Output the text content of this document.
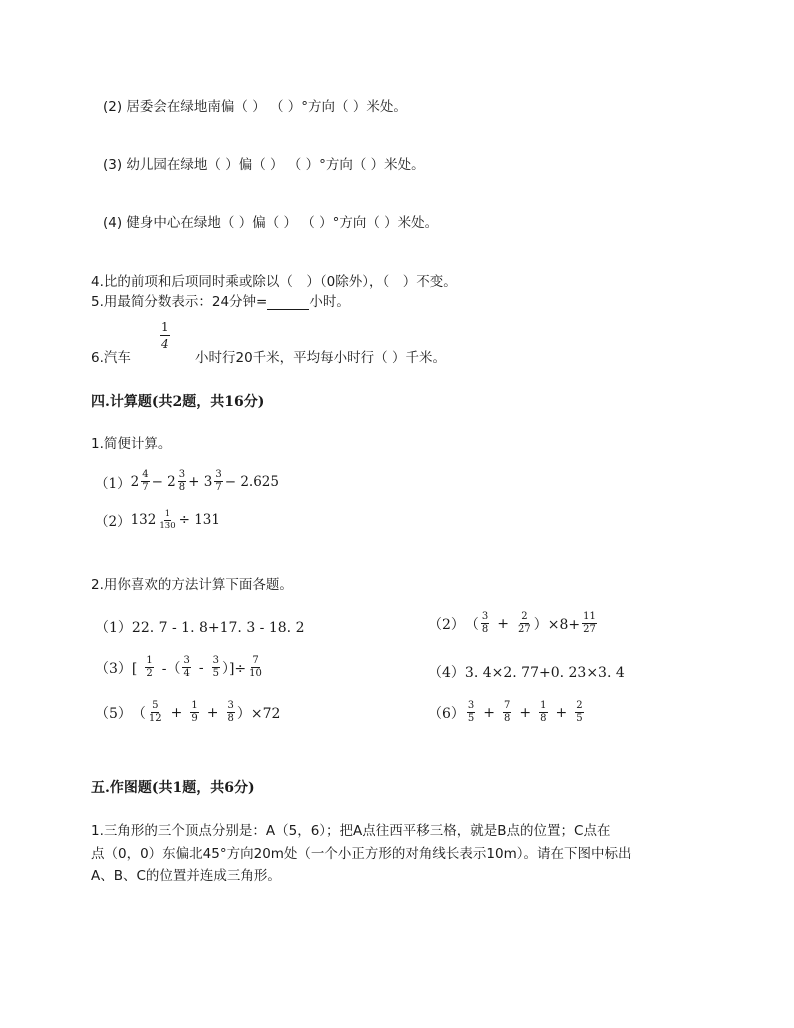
(2) 居委会在绿地南偏（ ） （ ）°方向（ ）米处。
(3) 幼儿园在绿地（ ）偏（ ） （ ）°方向（ ）米处。
(4) 健身中心在绿地（ ）偏（ ） （ ）°方向（ ）米处。
4.比的前项和后项同时乘或除以（　）（0除外），（　）不变。
5.用最简分数表示：24分钟=	小时。
6.汽车
$\frac{1}{4}$
小时行20千米，平均每小时行（ ）千米。
四.计算题(共2题，共16分)
1.简便计算。
（1） $2 \frac{4}{7} - 2 \frac{3}{8} + 3 \frac{3}{7} - 2.625$
（2） $132 \frac{1}{130} \div 131$
2.用你喜欢的方法计算下面各题。
（1）22. 7 - 1. 8+17. 3 - 18. 2	（2） （ $\frac{3}{8} + \frac{2}{27} )\times 8+ \frac{11}{27}$
$(3)[ \frac{1}{2}$ -（ $\frac{3}{4} - \frac{3}{5}$ ）]÷ $\frac{7}{10}$	（4）3. 4×2. 77+0. 23×3. 4
（5） （ $\frac{5}{12} + \frac{1}{9} + \frac{3}{8} )\times 72$	$(6) \frac{3}{5} + \frac{7}{8} + \frac{1}{8} + \frac{2}{5}$
五.作图题(共1题，共6分)
1.三角形的三个顶点分别是：A（5，6）；把A点往西平移三格，就是B点的位置；C点在
点（0，0）东偏北45°方向20m处（一个小正方形的对角线长表示10m）。请在下图中标出
A、B、C的位置并连成三角形。
